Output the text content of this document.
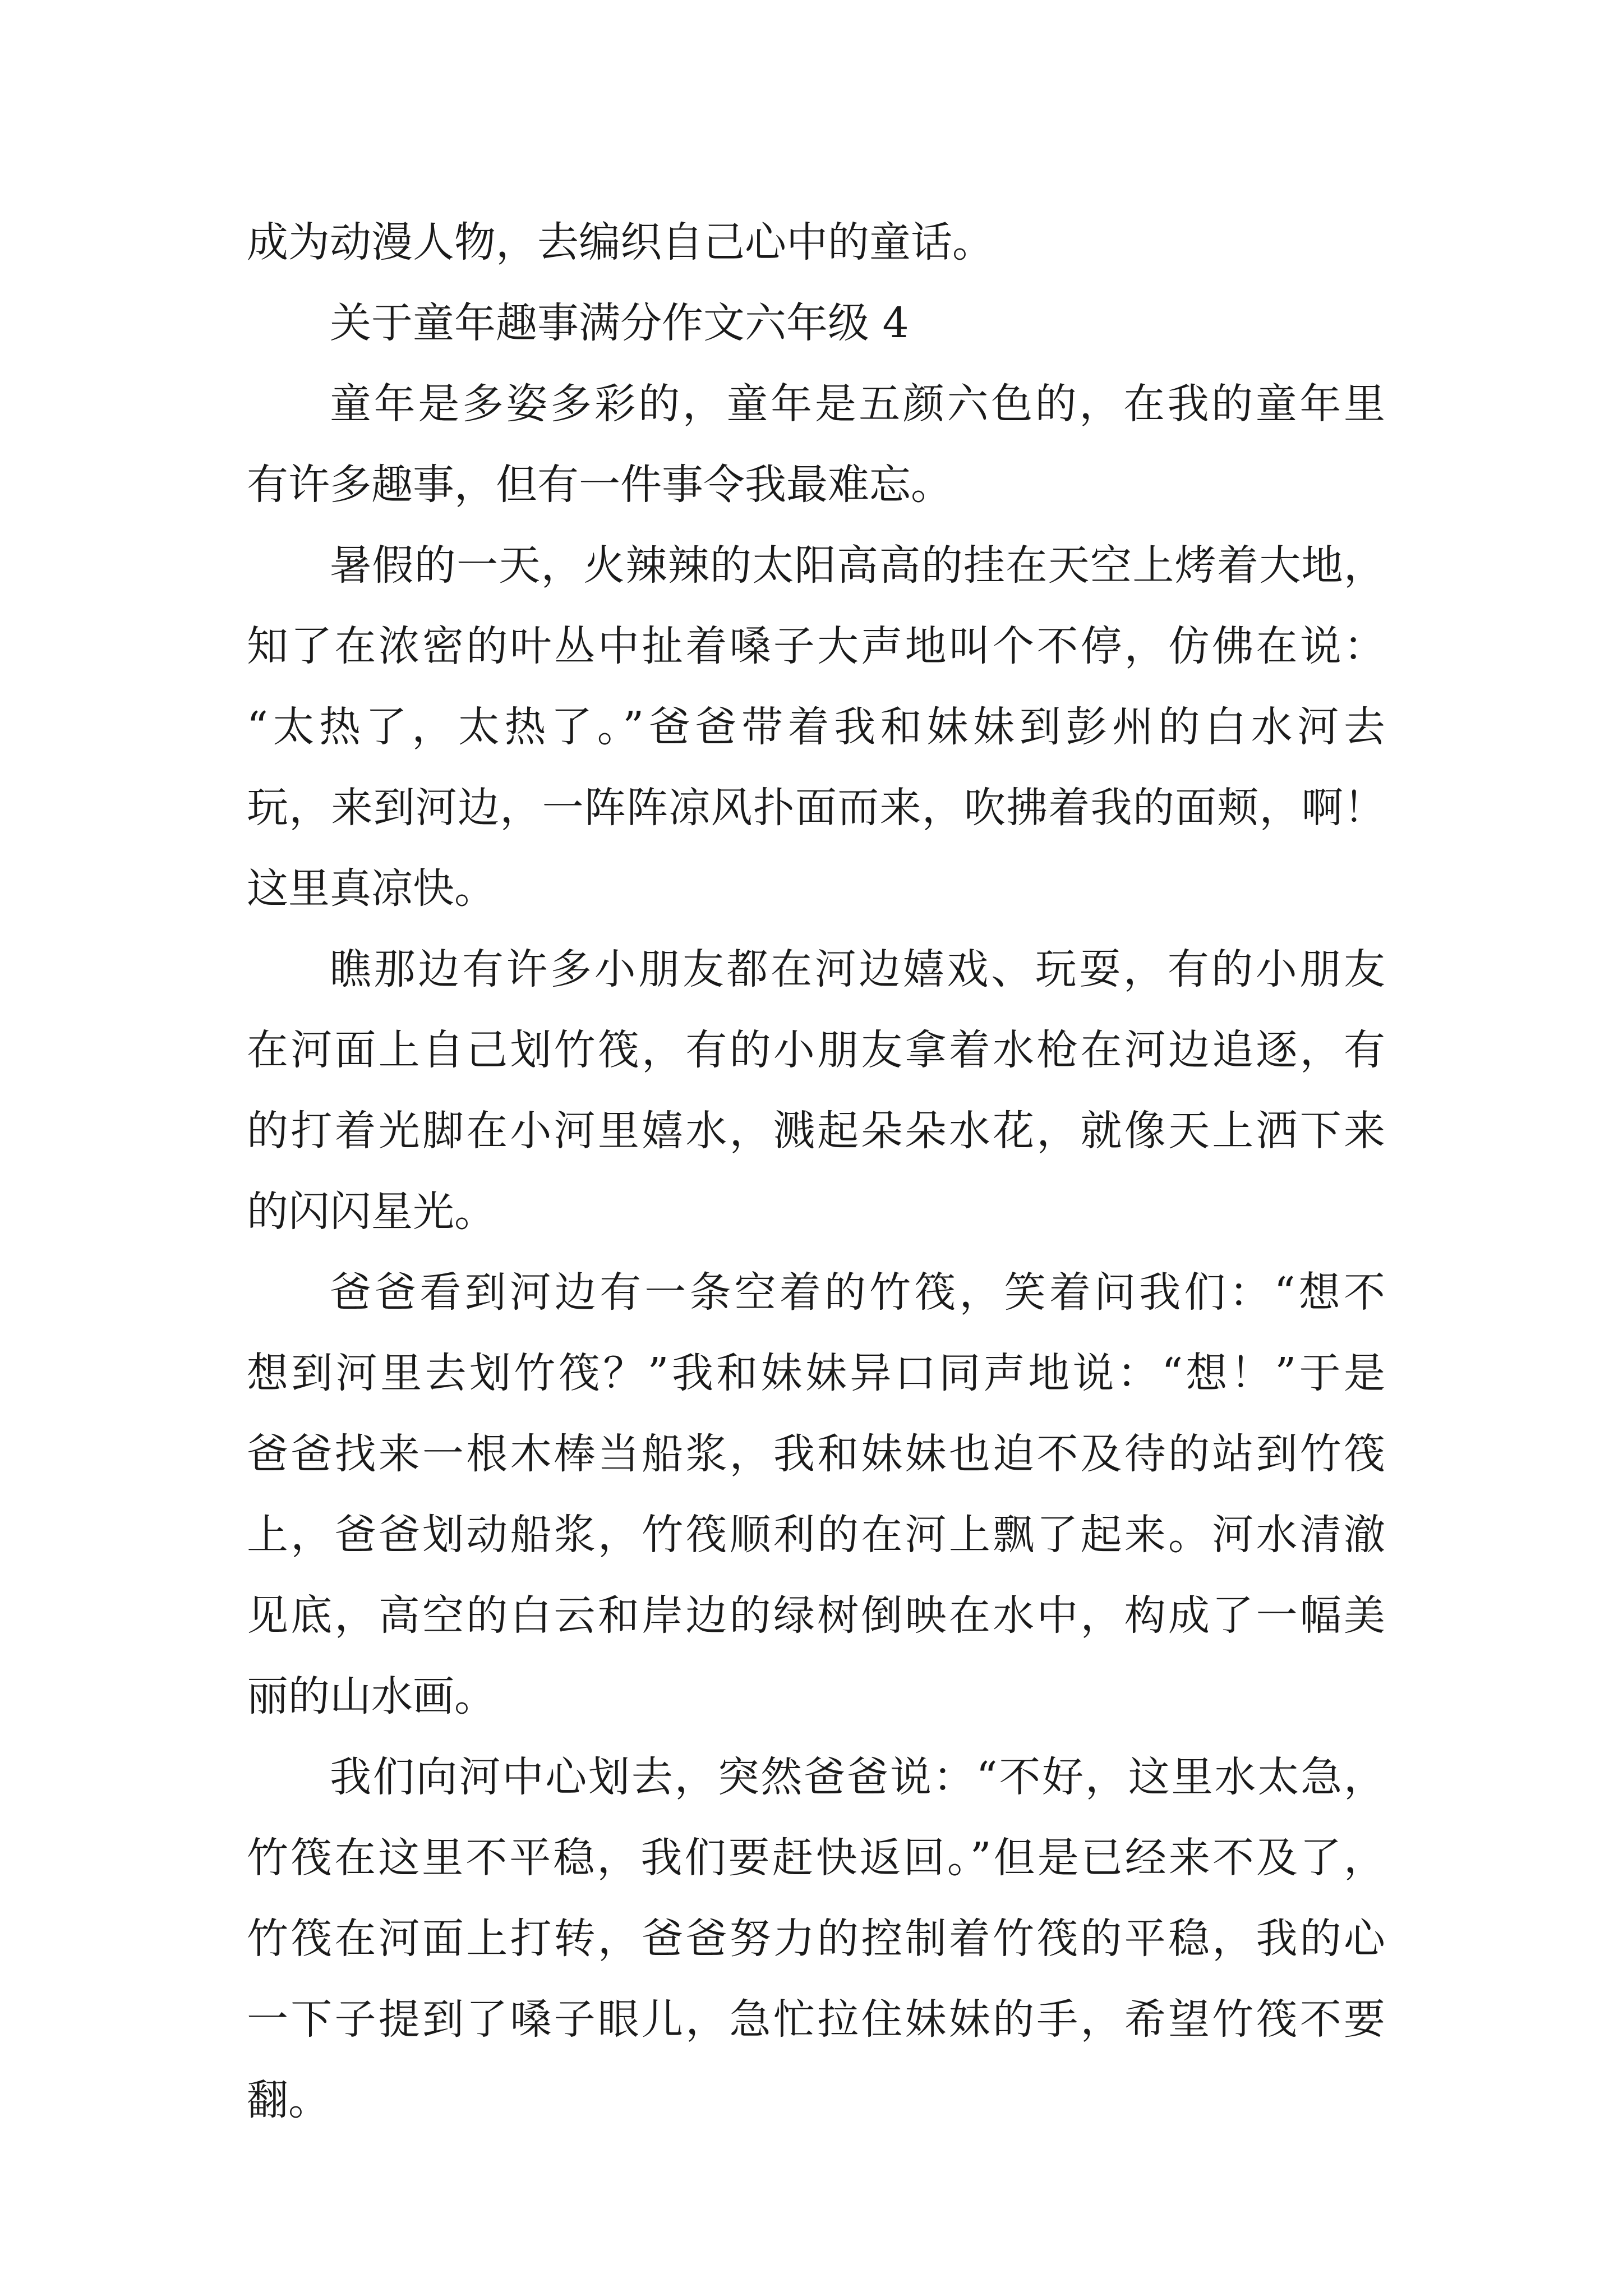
成为动漫人物，去编织自己心中的童话。
关于童年趣事满分作文六年级 4
童年是多姿多彩的，童年是五颜六色的，在我的童年里
有许多趣事，但有一件事令我最难忘。
暑假的一天，火辣辣的太阳高高的挂在天空上烤着大地，
知了在浓密的叶丛中扯着嗓子大声地叫个不停，仿佛在说：
“太热了，太热了。”爸爸带着我和妹妹到彭州的白水河去
玩，来到河边，一阵阵凉风扑面而来，吹拂着我的面颊，啊！
这里真凉快。
瞧那边有许多小朋友都在河边嬉戏、玩耍，有的小朋友
在河面上自己划竹筏，有的小朋友拿着水枪在河边追逐，有
的打着光脚在小河里嬉水，溅起朵朵水花，就像天上洒下来
的闪闪星光。
爸爸看到河边有一条空着的竹筏，笑着问我们：“想不
想到河里去划竹筏？”我和妹妹异口同声地说：“想！”于是
爸爸找来一根木棒当船浆，我和妹妹也迫不及待的站到竹筏
上，爸爸划动船浆，竹筏顺利的在河上飘了起来。河水清澈
见底，高空的白云和岸边的绿树倒映在水中，构成了一幅美
丽的山水画。
我们向河中心划去，突然爸爸说：“不好，这里水太急，
竹筏在这里不平稳，我们要赶快返回。”但是已经来不及了，
竹筏在河面上打转，爸爸努力的控制着竹筏的平稳，我的心
一下子提到了嗓子眼儿，急忙拉住妹妹的手，希望竹筏不要
翻。
